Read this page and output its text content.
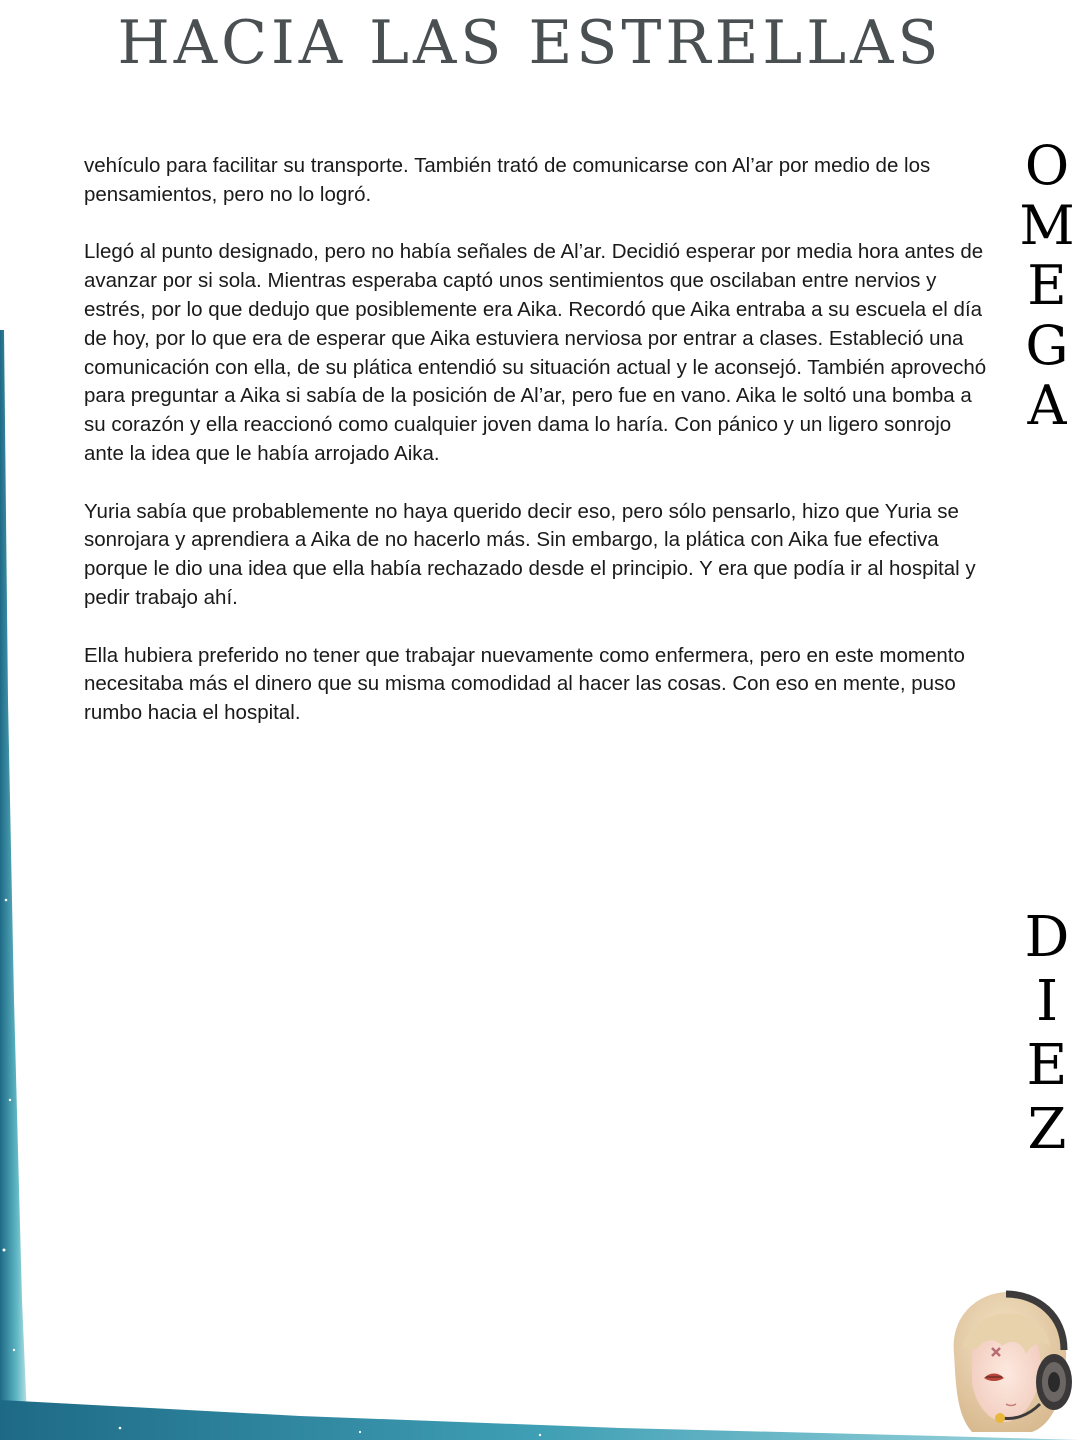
HACIA LAS ESTRELLAS

vehículo para facilitar su transporte. También trató de comunicarse con Al’ar por medio de los pensamientos, pero no lo logró.

Llegó al punto designado, pero no había señales de Al’ar. Decidió esperar por media hora antes de avanzar por si sola. Mientras esperaba captó unos sentimientos que oscilaban entre nervios y estrés, por lo que dedujo que posiblemente era Aika. Recordó que Aika entraba a su escuela el día de hoy, por lo que era de esperar que Aika estuviera nerviosa por entrar a clases. Estableció una comunicación con ella, de su plática entendió su situación actual y le aconsejó. También aprovechó para preguntar a Aika si sabía de la posición de Al’ar, pero fue en vano. Aika le soltó una bomba a su corazón y ella reaccionó como cualquier joven dama lo haría. Con pánico y un ligero sonrojo ante la idea que le había arrojado Aika.

Yuria sabía que probablemente no haya querido decir eso, pero sólo pensarlo, hizo que Yuria se sonrojara y aprendiera a Aika de no hacerlo más. Sin embargo, la plática con Aika fue efectiva porque le dio una idea que ella había rechazado desde el principio. Y era que podía ir al hospital y pedir trabajo ahí.

Ella hubiera preferido no tener que trabajar nuevamente como enfermera, pero en este momento necesitaba más el dinero que su misma comodidad al hacer las cosas. Con eso en mente, puso rumbo hacia el hospital.

O
M
E
G
A
D
I
E
Z
